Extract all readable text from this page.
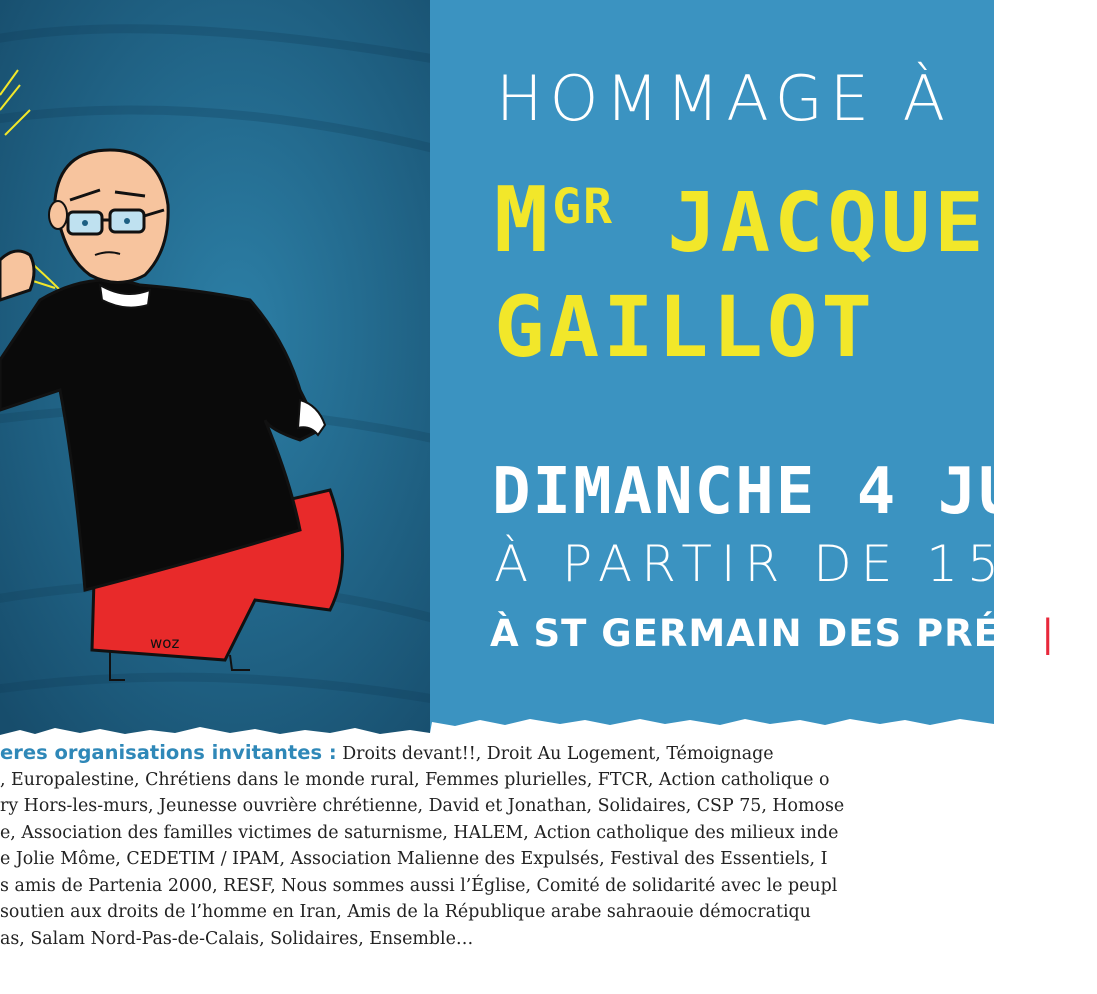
woz
HOMMAGE À
$M^{GR}$ JACQUE
GAILLOT
DIMANCHE 4 JU
À PARTIR DE 15H
À ST GERMAIN DES PRÉS | P
eres organisations invitantes : Droits devant!!, Droit Au Logement, Témoignage
, Europalestine, Chrétiens dans le monde rural, Femmes plurielles, FTCR, Action catholique o
ry Hors-les-murs, Jeunesse ouvrière chrétienne, David et Jonathan, Solidaires, CSP 75, Homose
e, Association des familles victimes de saturnisme, HALEM, Action catholique des milieux inde
e Jolie Môme, CEDETIM / IPAM, Association Malienne des Expulsés, Festival des Essentiels, I
s amis de Partenia 2000, RESF, Nous sommes aussi l’Église, Comité de solidarité avec le peupl
soutien aux droits de l’homme en Iran, Amis de la République arabe sahraouie démocratiqu
as, Salam Nord-Pas-de-Calais, Solidaires, Ensemble…
